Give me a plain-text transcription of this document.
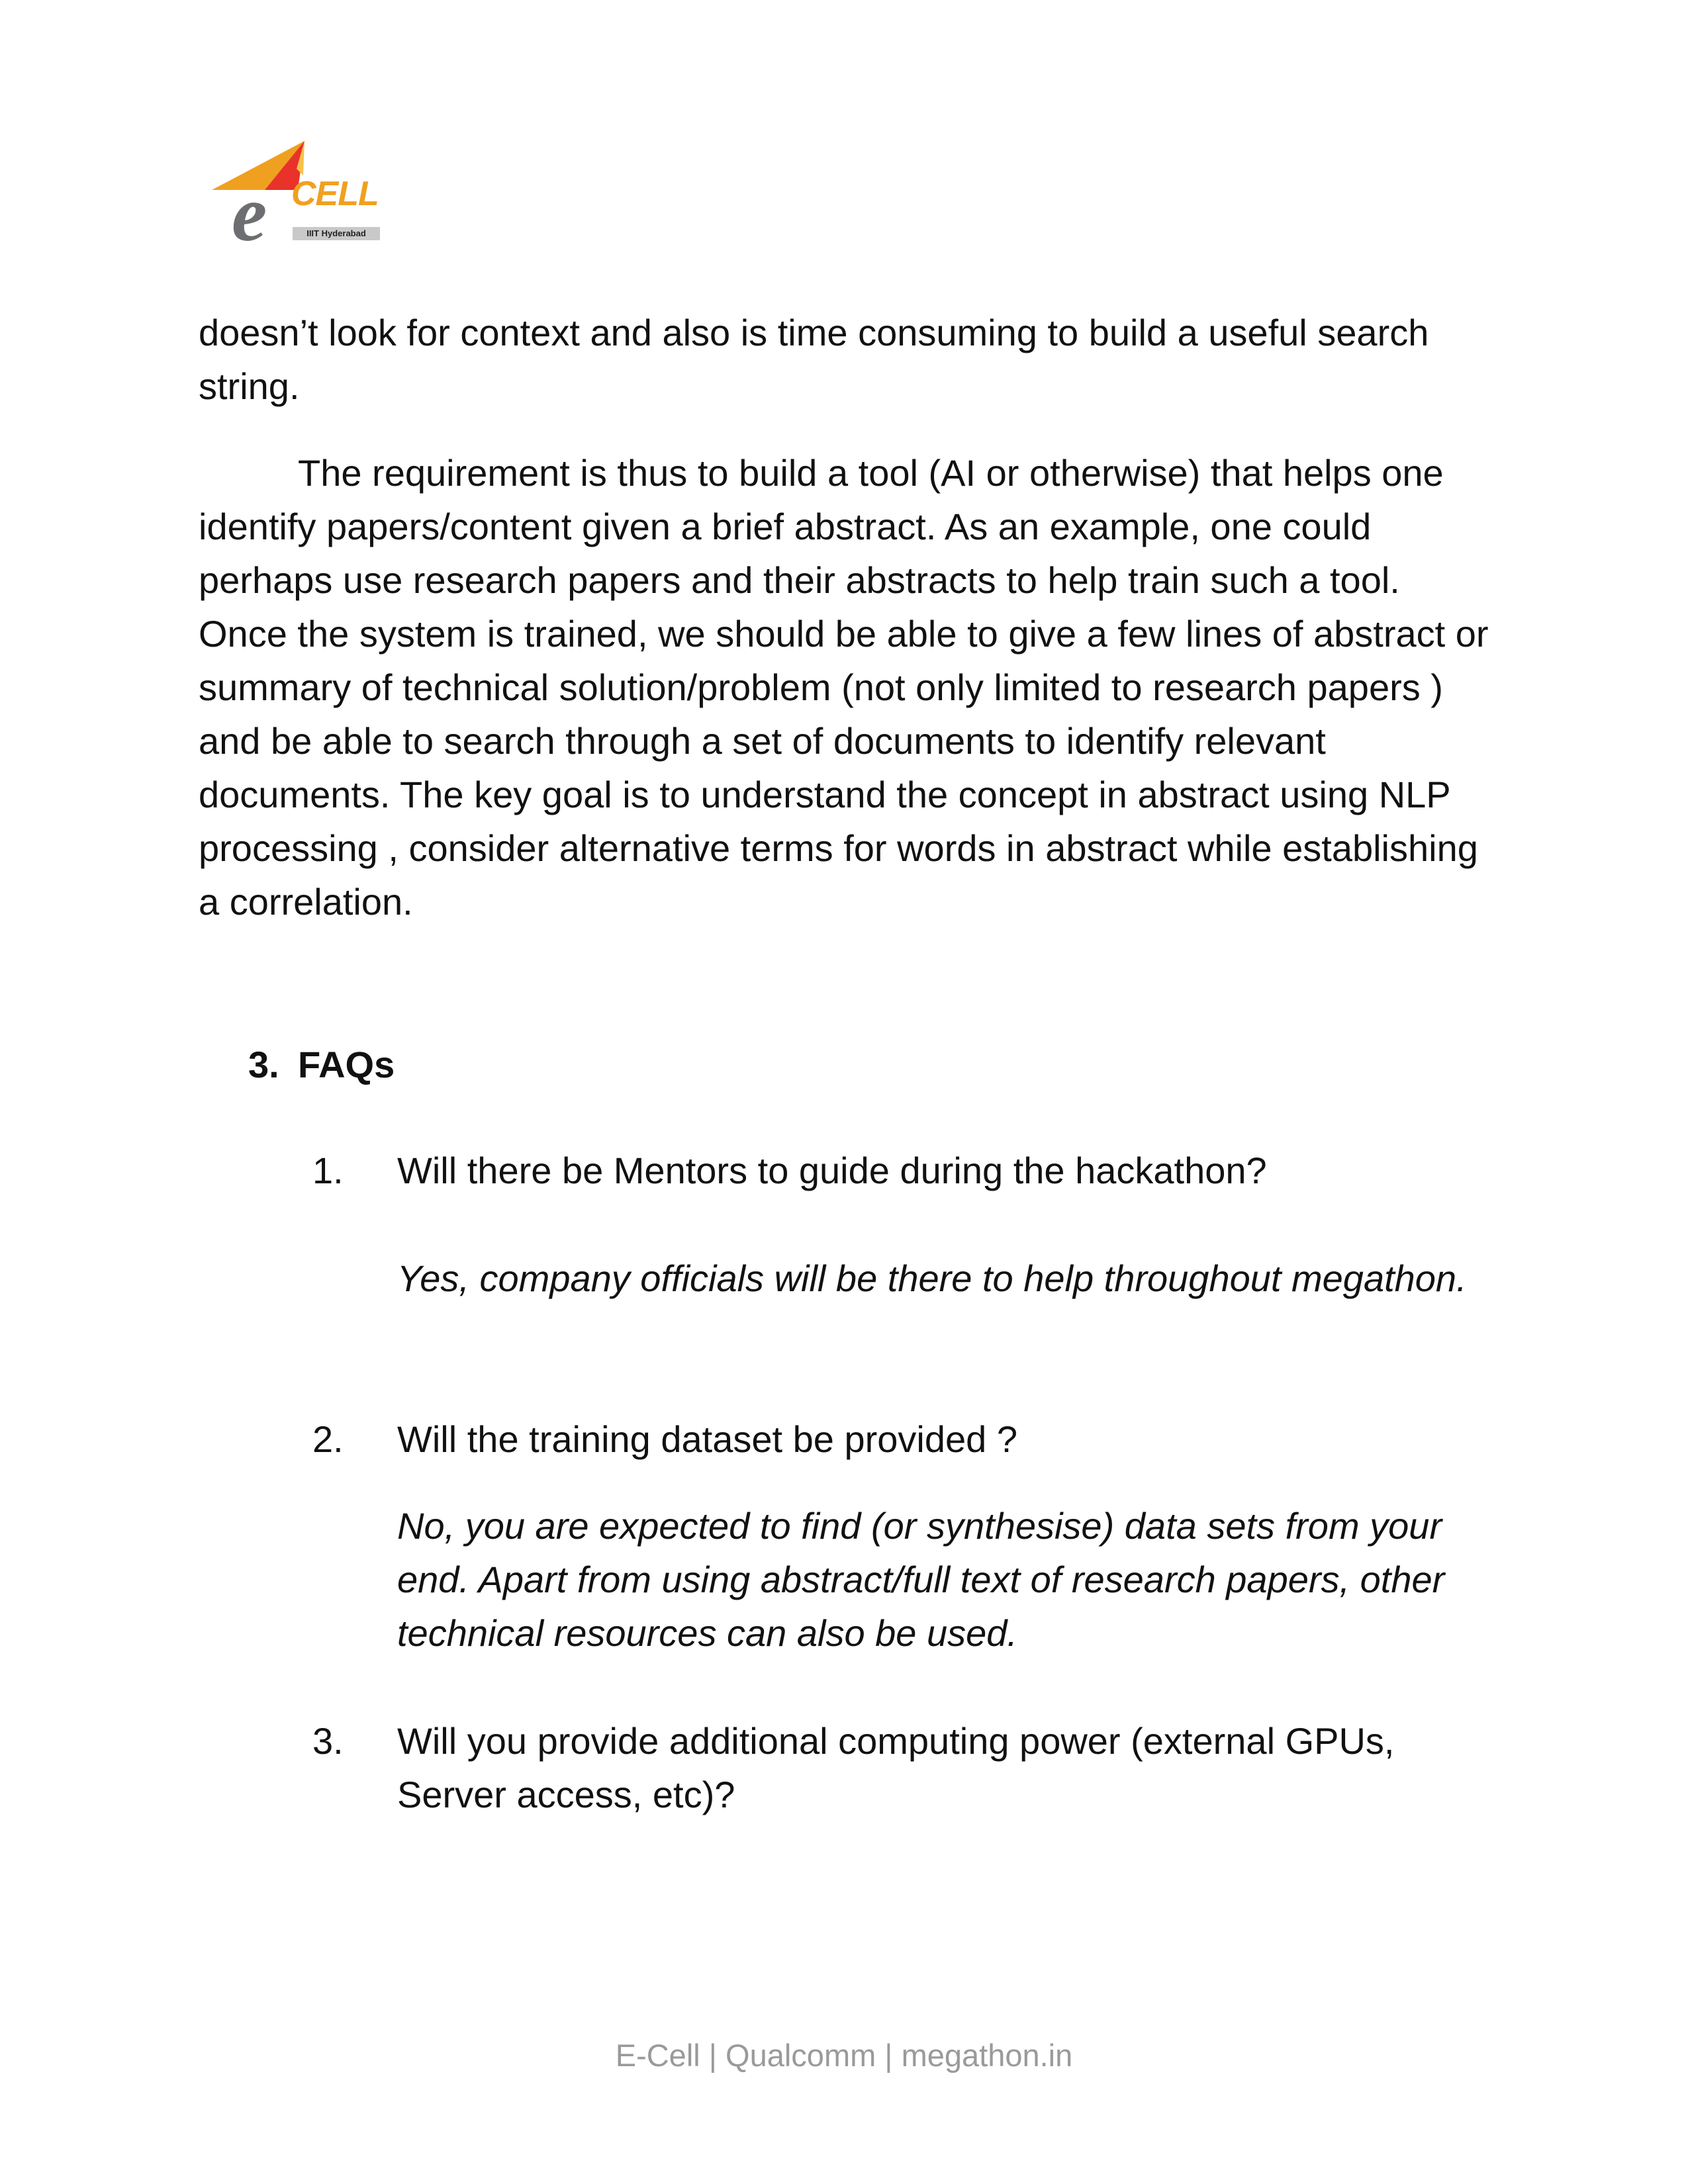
e CELL
IIIT Hyderabad

doesn’t look for context and also is time consuming to build a useful search string.

The requirement is thus to build a tool (AI or otherwise) that helps one identify papers/content given a brief abstract. As an example, one could perhaps use research papers and their abstracts to help train such a tool. Once the system is trained, we should be able to give a few lines of abstract or summary of technical solution/problem (not only limited to research papers ) and be able to search through a set of documents to identify relevant documents. The key goal is to understand the concept in abstract using NLP processing , consider alternative terms for words in abstract while establishing a correlation.

3. FAQs
1. Will there be Mentors to guide during the hackathon?

Yes, company officials will be there to help throughout megathon.

2. Will the training dataset be provided ?

No, you are expected to find (or synthesise) data sets from your end. Apart from using abstract/full text of research papers, other technical resources can also be used.

3. Will you provide additional computing power (external GPUs, Server access, etc)?

E-Cell | Qualcomm | megathon.in
